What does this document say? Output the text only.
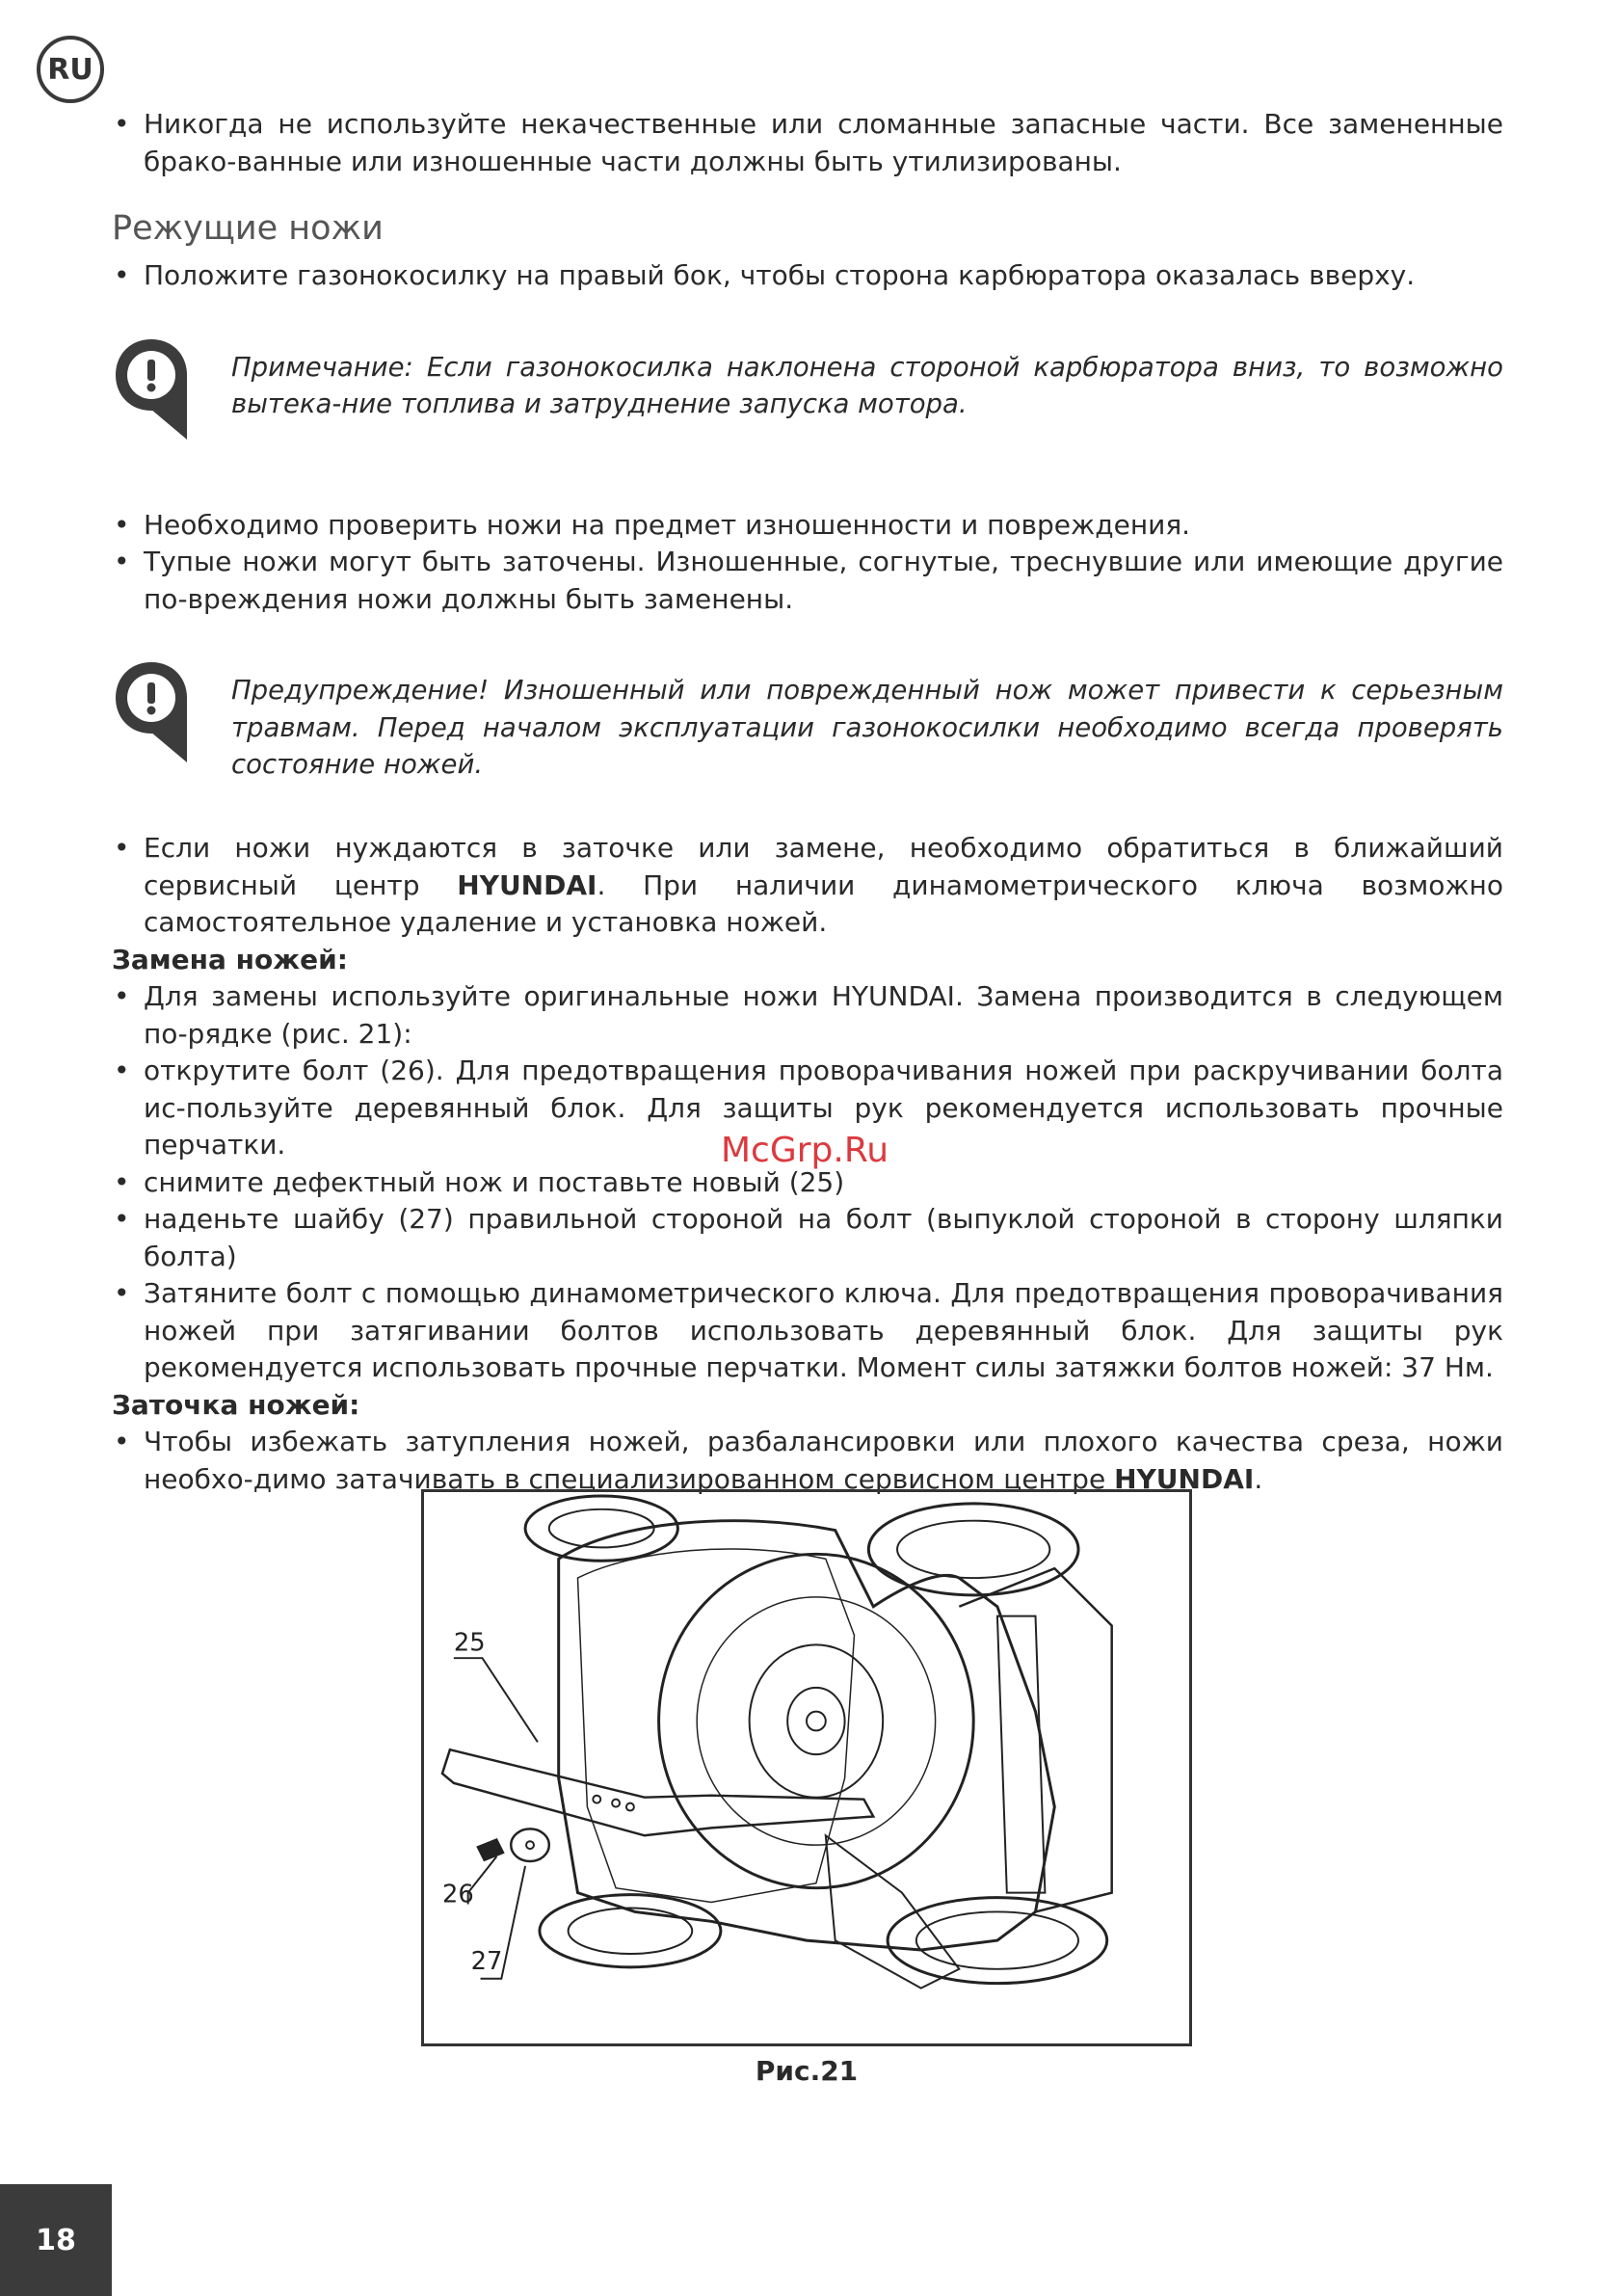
RU
• Никогда не используйте некачественные или сломанные запасные части. Все замененные брако-ванные или изношенные части должны быть утилизированы.
Режущие ножи
• Положите газонокосилку на правый бок, чтобы сторона карбюратора оказалась вверху.
Примечание: Если газонокосилка наклонена стороной карбюратора вниз, то возможно вытека-ние топлива и затруднение запуска мотора.
• Необходимо проверить ножи на предмет изношенности и повреждения.
• Тупые ножи могут быть заточены. Изношенные, согнутые, треснувшие или имеющие другие по-вреждения ножи должны быть заменены.
Предупреждение! Изношенный или поврежденный нож может привести к серьезным травмам. Перед началом эксплуатации газонокосилки необходимо всегда проверять состояние ножей.
• Если ножи нуждаются в заточке или замене, необходимо обратиться в ближайший сервисный центр HYUNDAI. При наличии динамометрического ключа возможно самостоятельное удаление и установка ножей.
Замена ножей:
• Для замены используйте оригинальные ножи HYUNDAI. Замена производится в следующем по-рядке (рис. 21):
• открутите болт (26). Для предотвращения проворачивания ножей при раскручивании болта ис-пользуйте деревянный блок. Для защиты рук рекомендуется использовать прочные перчатки.
• снимите дефектный нож и поставьте новый (25)
• наденьте шайбу (27) правильной стороной на болт (выпуклой стороной в сторону шляпки болта)
• Затяните болт с помощью динамометрического ключа. Для предотвращения проворачивания ножей при затягивании болтов использовать деревянный блок. Для защиты рук рекомендуется использовать прочные перчатки. Момент силы затяжки болтов ножей: 37 Нм.
Заточка ножей:
• Чтобы избежать затупления ножей, разбалансировки или плохого качества среза, ножи необхо-димо затачивать в специализированном сервисном центре HYUNDAI.
McGrp.Ru
25
26
27
Рис.21
18
